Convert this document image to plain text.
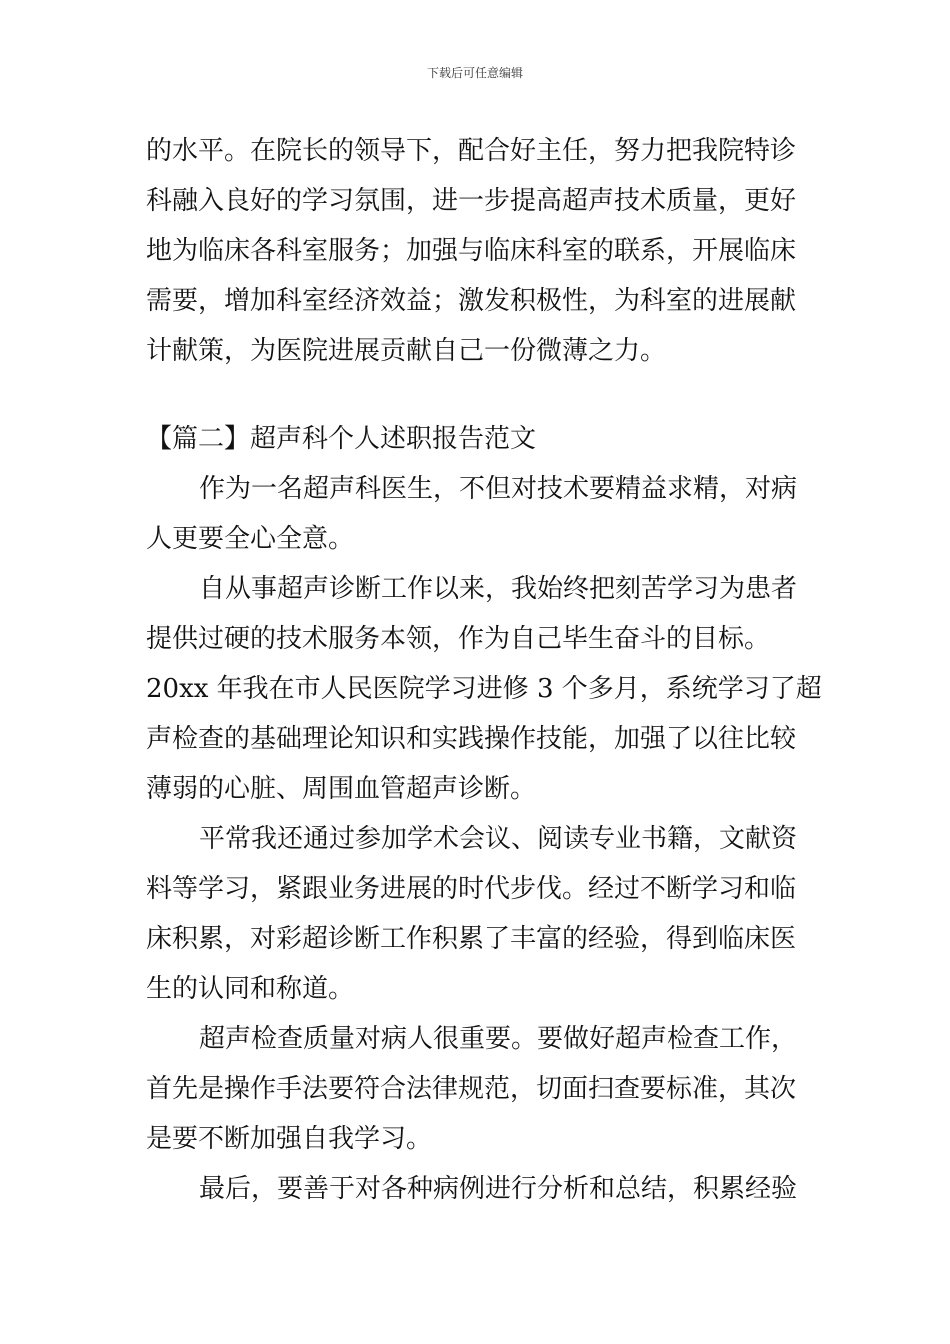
下载后可任意编辑
的水平。在院长的领导下，配合好主任，努力把我院特诊
科融入良好的学习氛围，进一步提高超声技术质量，更好
地为临床各科室服务；加强与临床科室的联系，开展临床
需要，增加科室经济效益；激发积极性，为科室的进展献
计献策，为医院进展贡献自己一份微薄之力。
【篇二】超声科个人述职报告范文
作为一名超声科医生，不但对技术要精益求精，对病
人更要全心全意。
自从事超声诊断工作以来，我始终把刻苦学习为患者
提供过硬的技术服务本领，作为自己毕生奋斗的目标。
20xx 年我在市人民医院学习进修 3 个多月，系统学习了超
声检查的基础理论知识和实践操作技能，加强了以往比较
薄弱的心脏、周围血管超声诊断。
平常我还通过参加学术会议、阅读专业书籍，文献资
料等学习，紧跟业务进展的时代步伐。经过不断学习和临
床积累，对彩超诊断工作积累了丰富的经验，得到临床医
生的认同和称道。
超声检查质量对病人很重要。要做好超声检查工作，
首先是操作手法要符合法律规范，切面扫查要标准，其次
是要不断加强自我学习。
最后，要善于对各种病例进行分析和总结，积累经验
